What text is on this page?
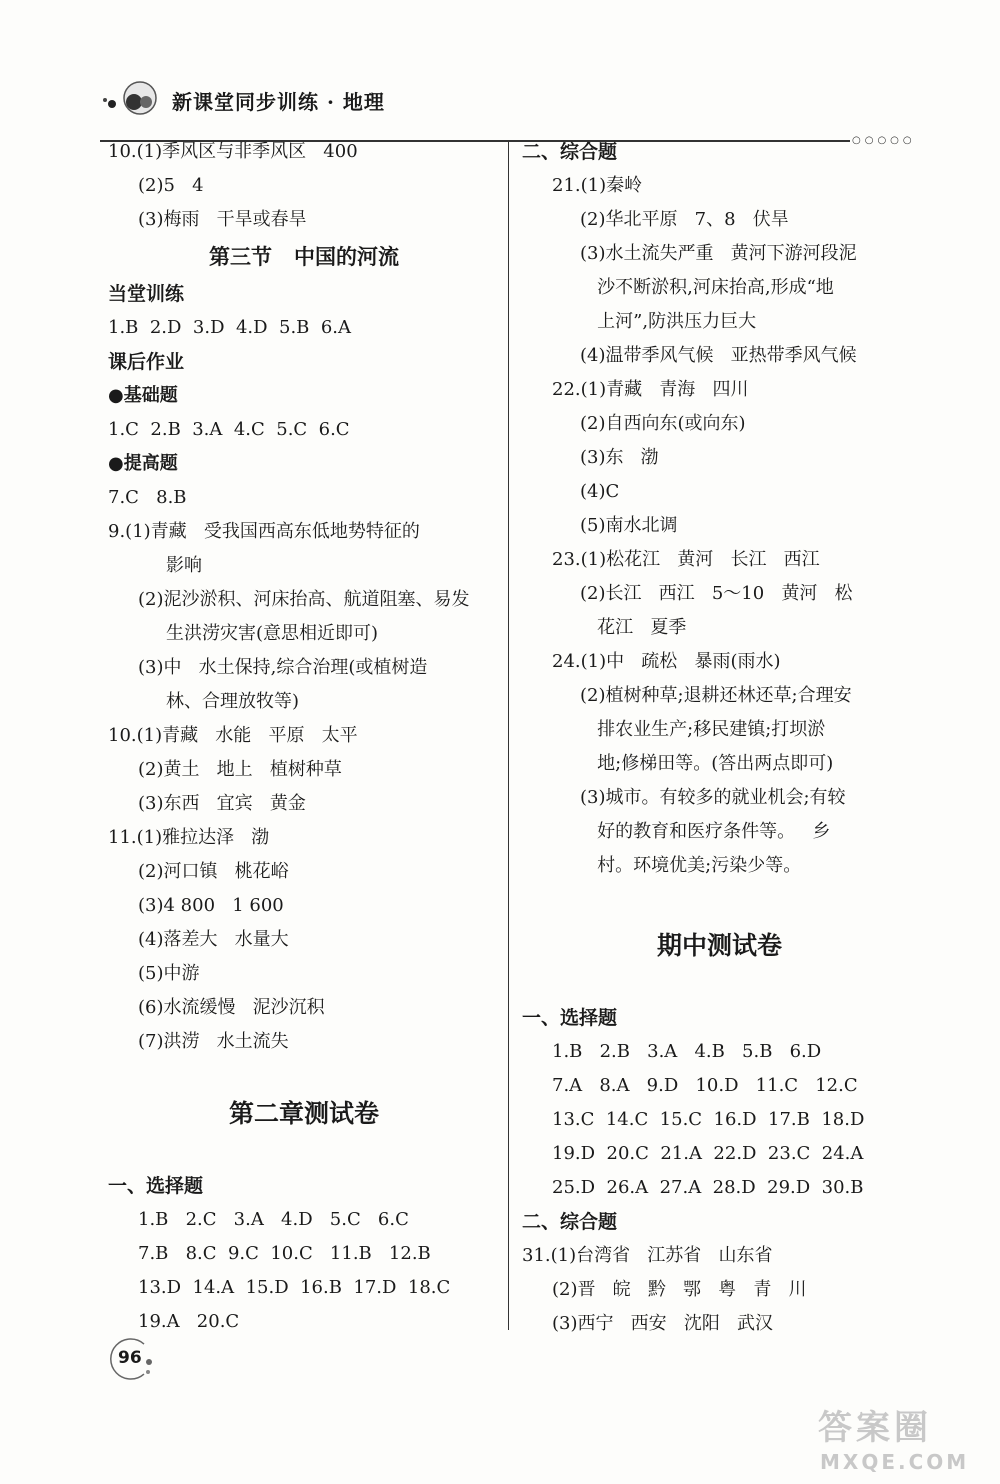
新课堂同步训练 · 地理
○○○○○
10.(1)季风区与非季风区   400
(2)5   4
(3)梅雨   干旱或春旱
第三节   中国的河流
当堂训练
1.B  2.D  3.D  4.D  5.B  6.A
课后作业
●基础题
1.C  2.B  3.A  4.C  5.C  6.C
●提高题
7.C   8.B
9.(1)青藏   受我国西高东低地势特征的
影响
(2)泥沙淤积、河床抬高、航道阻塞、易发
生洪涝灾害(意思相近即可)
(3)中   水土保持,综合治理(或植树造
林、合理放牧等)
10.(1)青藏   水能   平原   太平
(2)黄土   地上   植树种草
(3)东西   宜宾   黄金
11.(1)雅拉达泽   渤
(2)河口镇   桃花峪
(3)4 800   1 600
(4)落差大   水量大
(5)中游
(6)水流缓慢   泥沙沉积
(7)洪涝   水土流失
第二章测试卷
一、选择题
1.B   2.C   3.A   4.D   5.C   6.C
7.B   8.C  9.C  10.C   11.B   12.B
13.D  14.A  15.D  16.B  17.D  18.C
19.A   20.C
二、综合题
21.(1)秦岭
(2)华北平原   7、8   伏旱
(3)水土流失严重   黄河下游河段泥
沙不断淤积,河床抬高,形成“地
上河”,防洪压力巨大
(4)温带季风气候   亚热带季风气候
22.(1)青藏   青海   四川
(2)自西向东(或向东)
(3)东   渤
(4)C
(5)南水北调
23.(1)松花江   黄河   长江   西江
(2)长江   西江   5～10   黄河   松
花江   夏季
24.(1)中   疏松   暴雨(雨水)
(2)植树种草;退耕还林还草;合理安
排农业生产;移民建镇;打坝淤
地;修梯田等。(答出两点即可)
(3)城市。有较多的就业机会;有较
好的教育和医疗条件等。   乡
村。环境优美;污染少等。
期中测试卷
一、选择题
1.B   2.B   3.A   4.B   5.B   6.D
7.A   8.A   9.D   10.D   11.C   12.C
13.C  14.C  15.C  16.D  17.B  18.D
19.D  20.C  21.A  22.D  23.C  24.A
25.D  26.A  27.A  28.D  29.D  30.B
二、综合题
31.(1)台湾省   江苏省   山东省
(2)晋   皖   黔   鄂   粤   青   川
(3)西宁   西安   沈阳   武汉
96
答案圈
MXQE.COM
